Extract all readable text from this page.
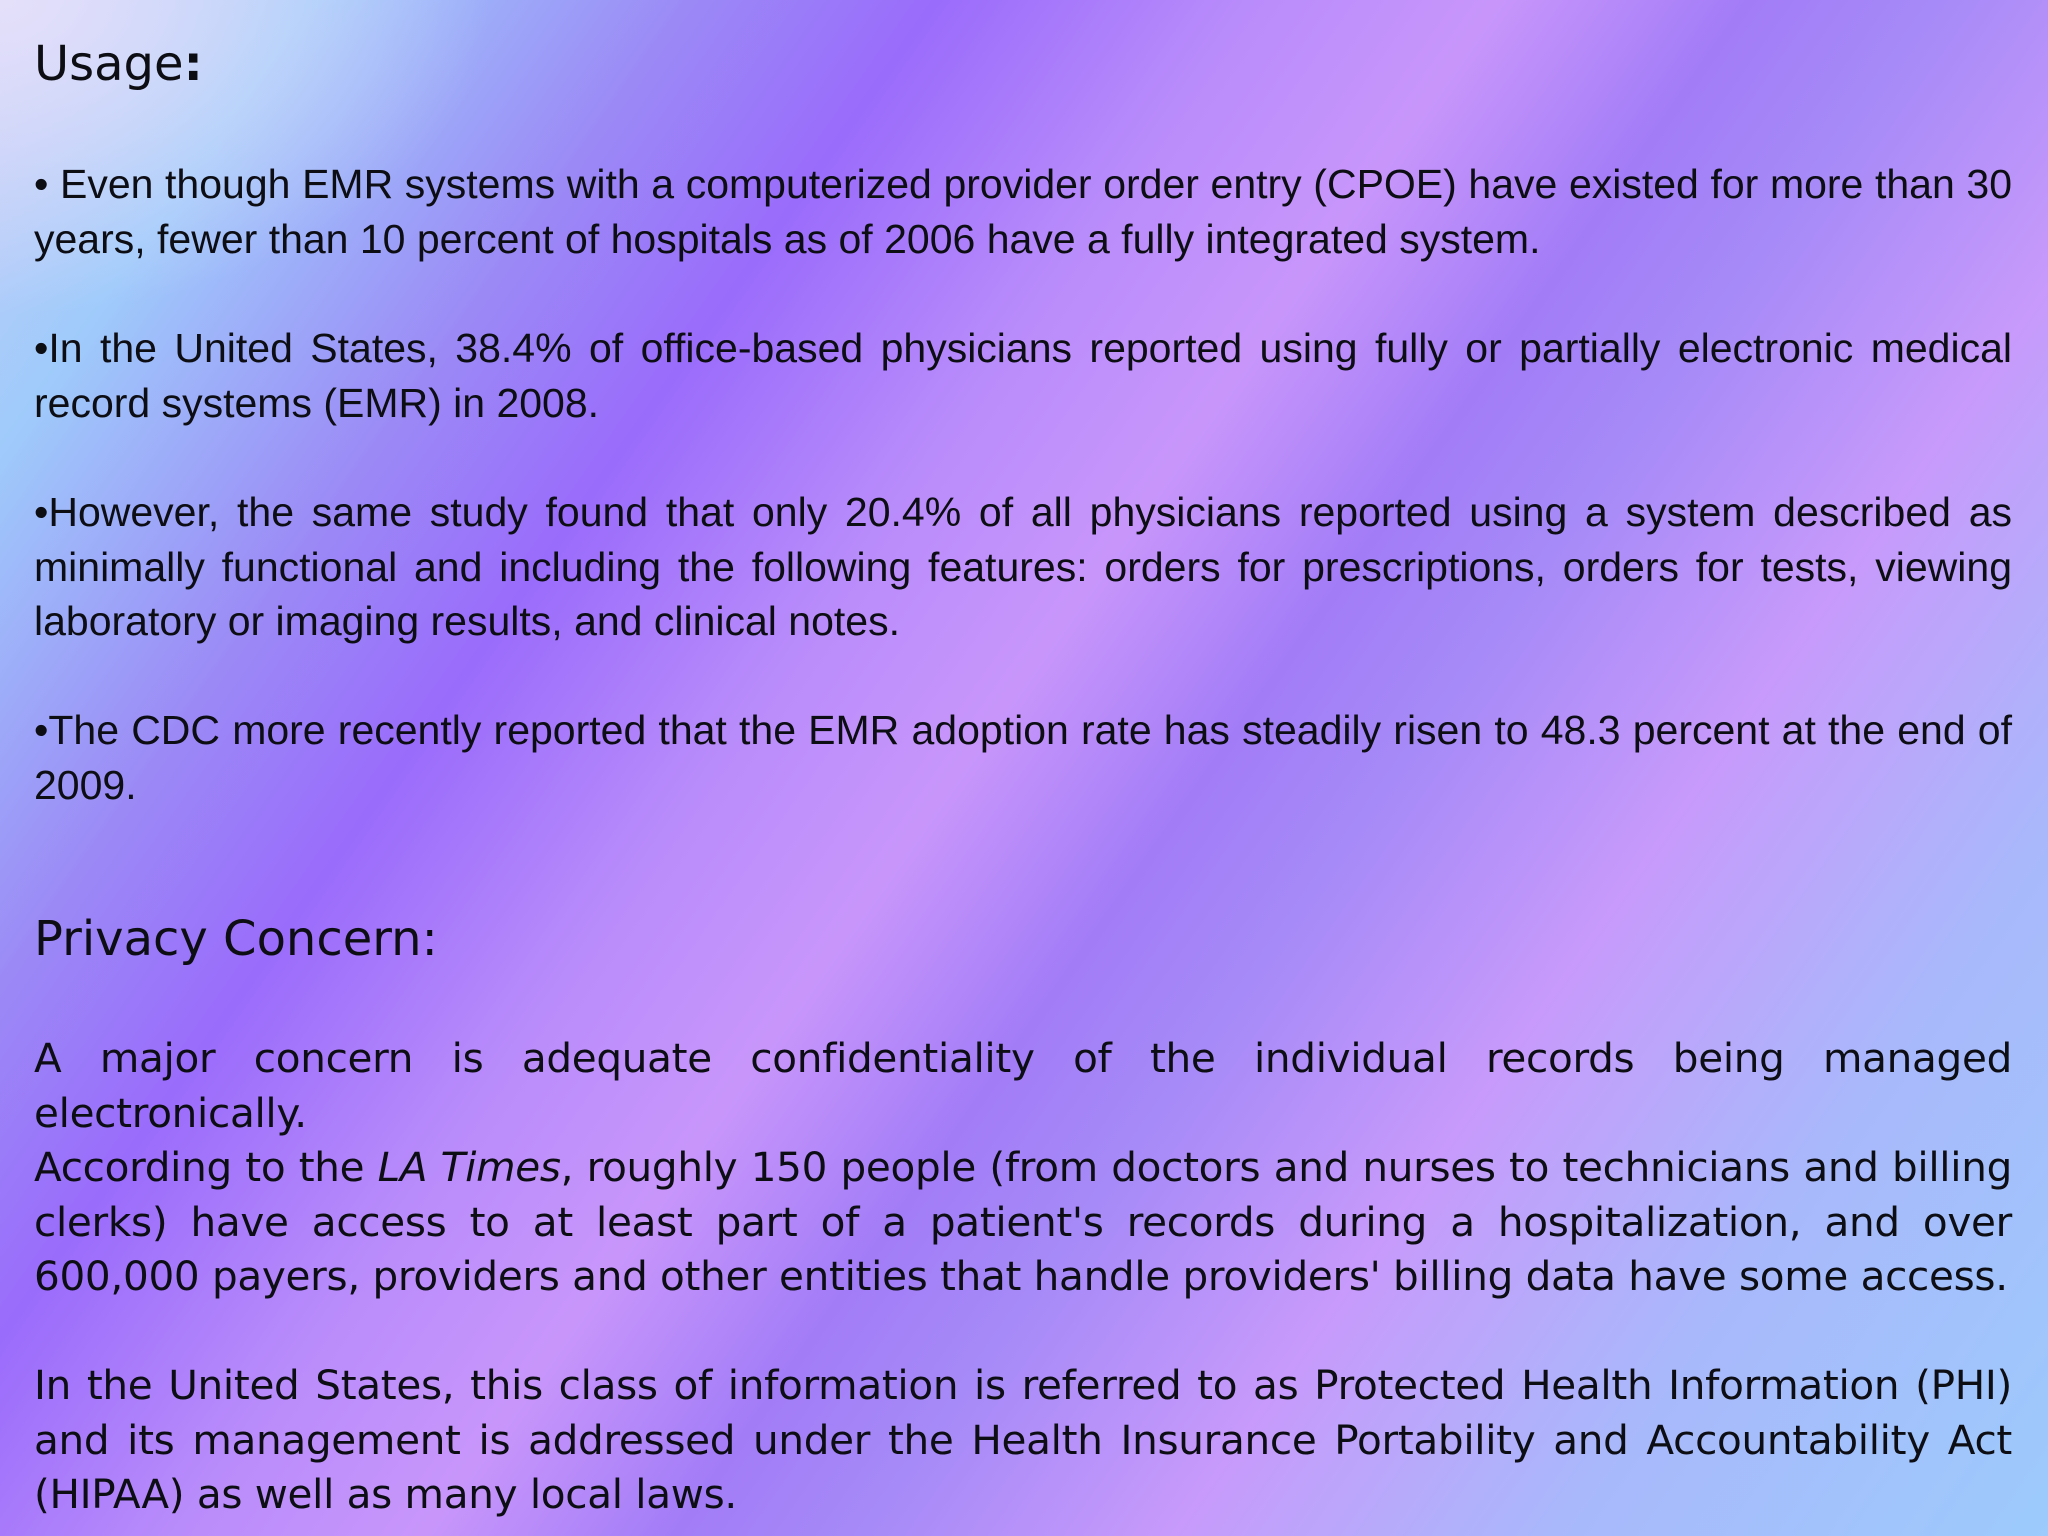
Usage:

• Even though EMR systems with a computerized provider order entry (CPOE) have existed for more than 30 years, fewer than 10 percent of hospitals as of 2006 have a fully integrated system.

•In the United States, 38.4% of office-based physicians reported using fully or partially electronic medical record systems (EMR) in 2008.

•However, the same study found that only 20.4% of all physicians reported using a system described as minimally functional and including the following features: orders for prescriptions, orders for tests, viewing laboratory or imaging results, and clinical notes.

•The CDC more recently reported that the EMR adoption rate has steadily risen to 48.3 percent at the end of 2009.

Privacy Concern:

A major concern is adequate confidentiality of the individual records being managed electronically.

According to the LA Times, roughly 150 people (from doctors and nurses to technicians and billing clerks) have access to at least part of a patient's records during a hospitalization, and over 600,000 payers, providers and other entities that handle providers' billing data have some access.

In the United States, this class of information is referred to as Protected Health Information (PHI) and its management is addressed under the Health Insurance Portability and Accountability Act (HIPAA) as well as many local laws.
